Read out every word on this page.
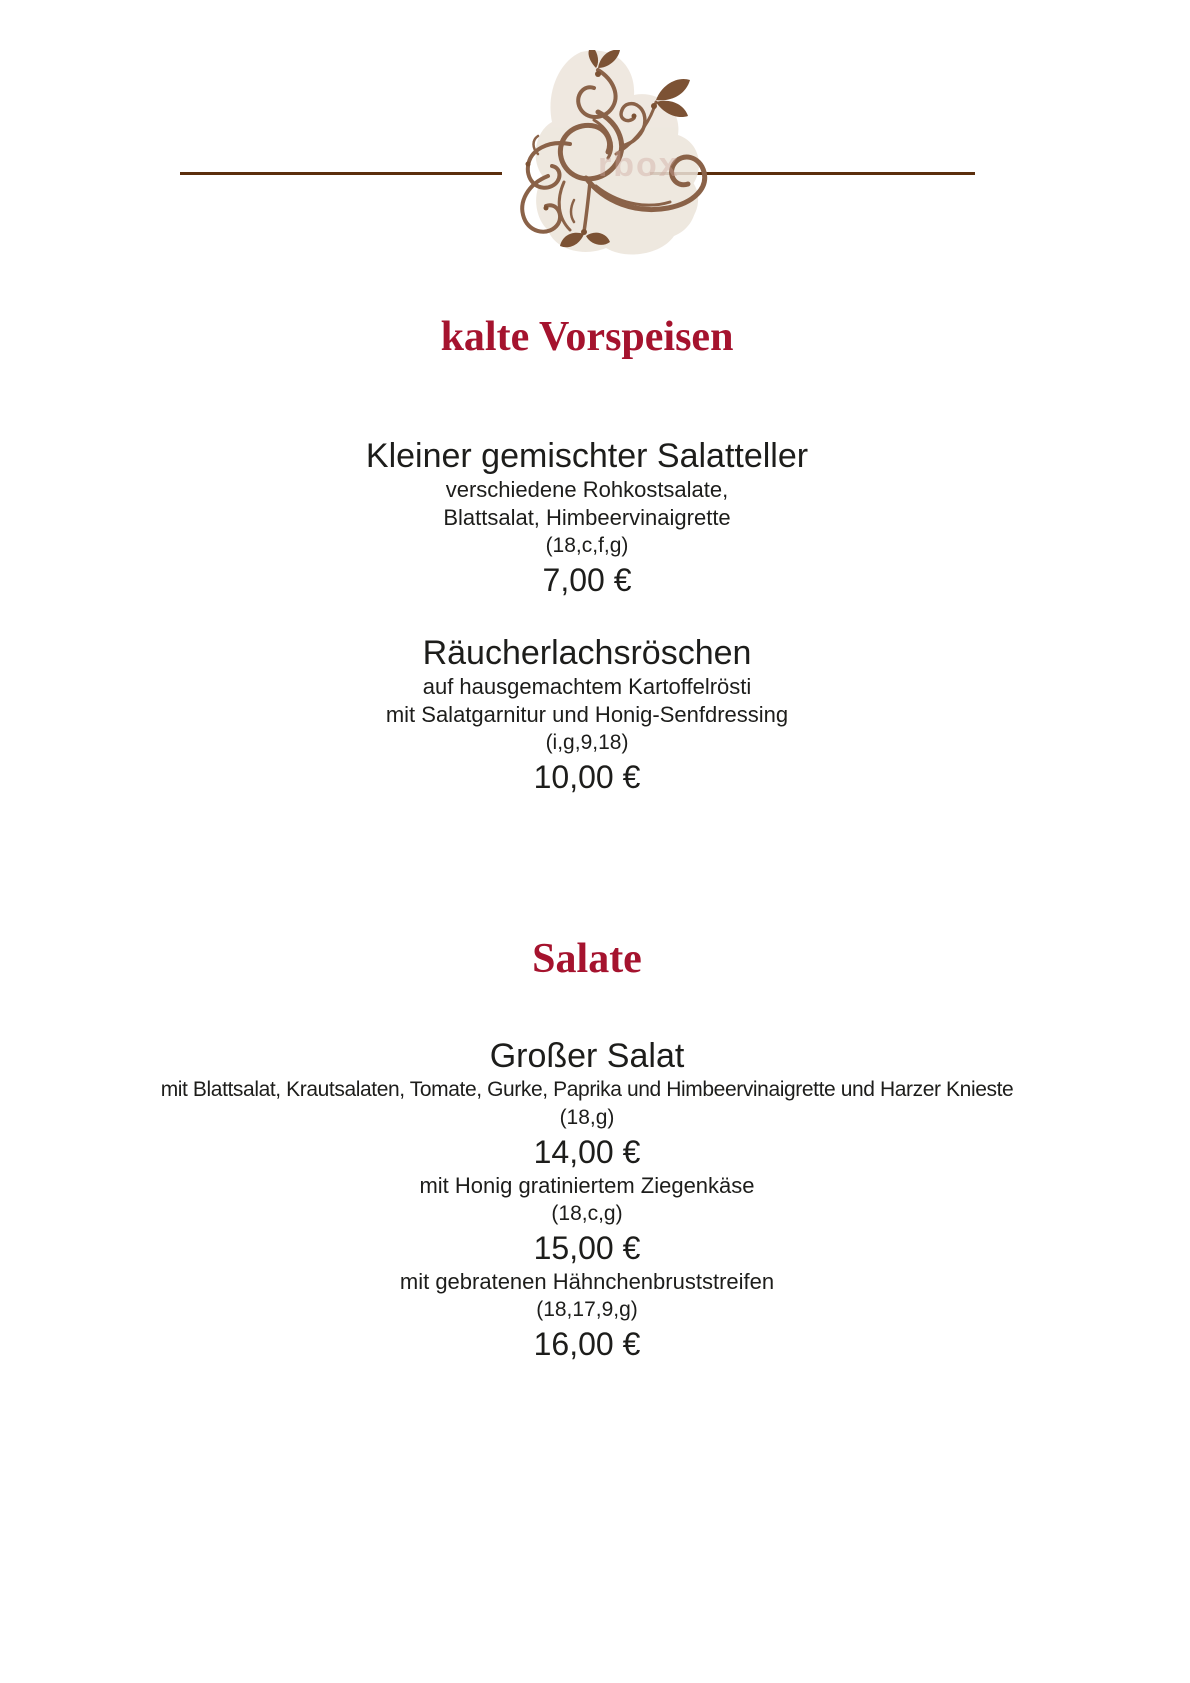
rbox
kalte Vorspeisen
Kleiner gemischter Salatteller
verschiedene Rohkostsalate,
Blattsalat, Himbeervinaigrette
(18,c,f,g)
7,00 €
Räucherlachsröschen
auf hausgemachtem Kartoffelrösti
mit Salatgarnitur und Honig-Senfdressing
(i,g,9,18)
10,00 €
Salate
Großer Salat
mit Blattsalat, Krautsalaten, Tomate, Gurke, Paprika und Himbeervinaigrette und Harzer Knieste
(18,g)
14,00 €
mit Honig gratiniertem Ziegenkäse
(18,c,g)
15,00 €
mit gebratenen Hähnchenbruststreifen
(18,17,9,g)
16,00 €
